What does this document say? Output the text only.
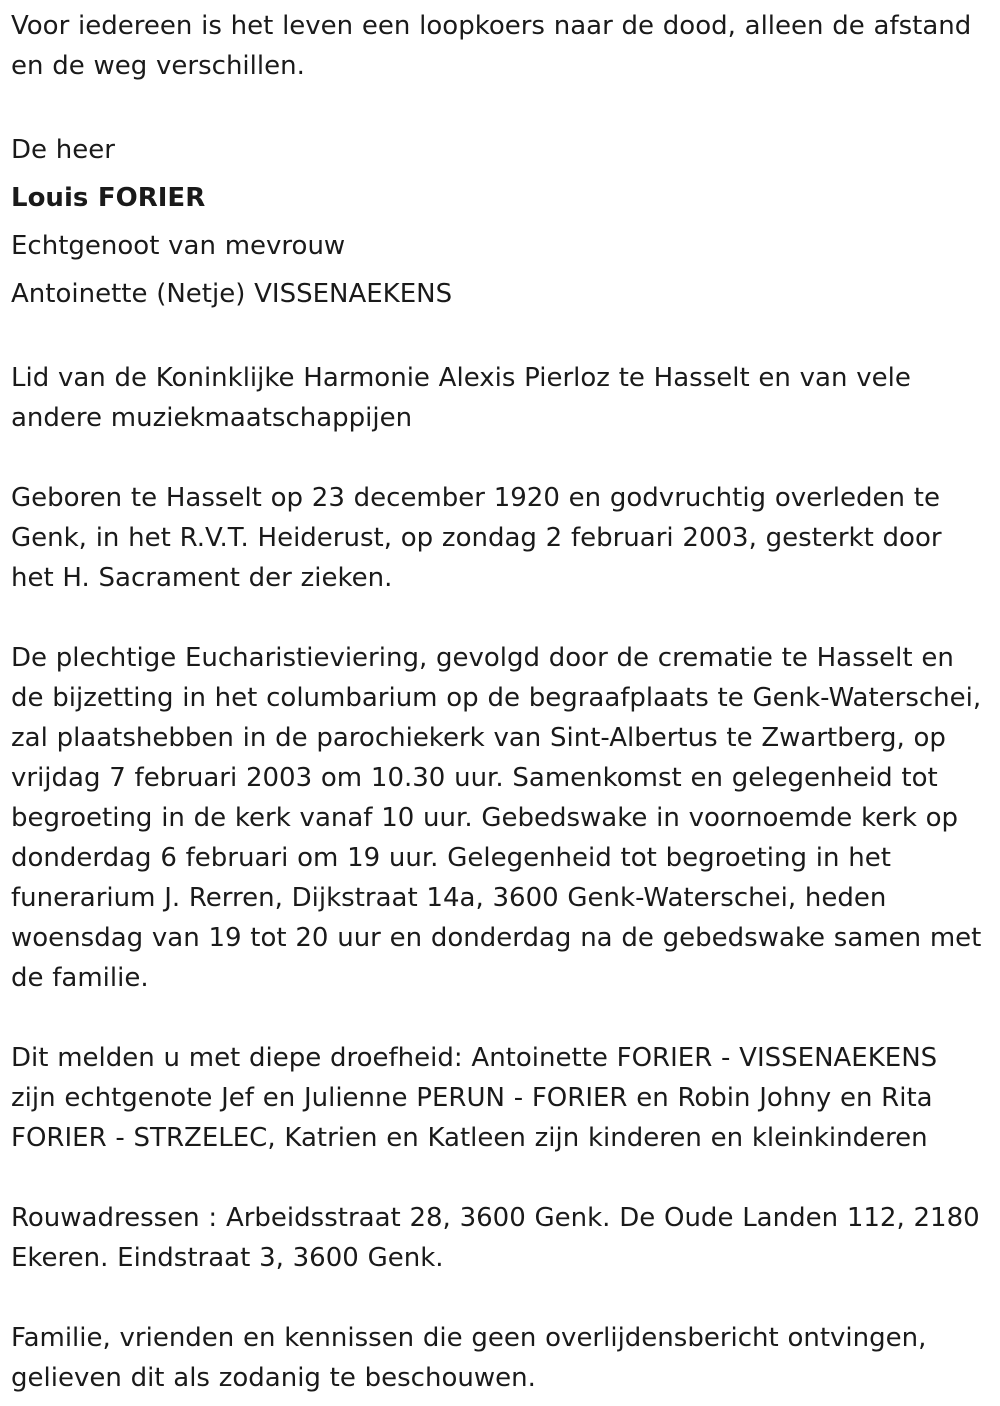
Voor iedereen is het leven een loopkoers naar de dood, alleen de afstand en de weg verschillen.

De heer

Louis FORIER

Echtgenoot van mevrouw

Antoinette (Netje) VISSENAEKENS

Lid van de Koninklijke Harmonie Alexis Pierloz te Hasselt en van vele andere muziekmaatschappijen

Geboren te Hasselt op 23 december 1920 en godvruchtig overleden te Genk, in het R.V.T. Heiderust, op zondag 2 februari 2003, gesterkt door het H. Sacrament der zieken.

De plechtige Eucharistieviering, gevolgd door de crematie te Hasselt en de bijzetting in het columbarium op de begraafplaats te Genk-Waterschei, zal plaatshebben in de parochiekerk van Sint-Albertus te Zwartberg, op vrijdag 7 februari 2003 om 10.30 uur. Samenkomst en gelegenheid tot begroeting in de kerk vanaf 10 uur. Gebedswake in voornoemde kerk op donderdag 6 februari om 19 uur. Gelegenheid tot begroeting in het funerarium J. Rerren, Dijkstraat 14a, 3600 Genk-Waterschei, heden woensdag van 19 tot 20 uur en donderdag na de gebedswake samen met de familie.

Dit melden u met diepe droefheid: Antoinette FORIER - VISSENAEKENS zijn echtgenote Jef en Julienne PERUN - FORIER en Robin Johny en Rita FORIER - STRZELEC, Katrien en Katleen zijn kinderen en kleinkinderen

Rouwadressen : Arbeidsstraat 28, 3600 Genk. De Oude Landen 112, 2180 Ekeren. Eindstraat 3, 3600 Genk.

Familie, vrienden en kennissen die geen overlijdensbericht ontvingen, gelieven dit als zodanig te beschouwen.
